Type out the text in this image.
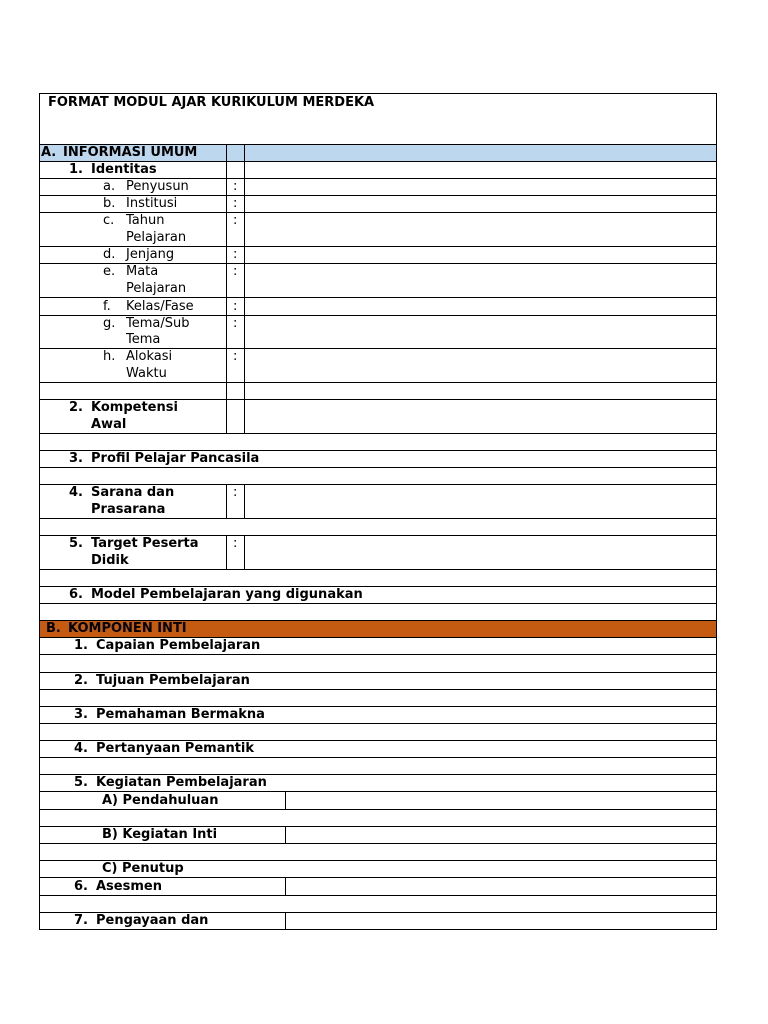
FORMAT MODUL AJAR KURIKULUM MERDEKA
A. INFORMASI UMUM
1. Identitas
:
a. Penyusun
:
b. Institusi
:
c. Tahun
Pelajaran
:
d. Jenjang
:
e. Mata
Pelajaran
:
f. Kelas/Fase
:
g. Tema/Sub
Tema
:
h. Alokasi
Waktu
2. Kompetensi
Awal
3. Profil Pelajar Pancasila
:
4. Sarana dan
Prasarana
:
5. Target Peserta
Didik
6. Model Pembelajaran yang digunakan
B. KOMPONEN INTI
1. Capaian Pembelajaran
2. Tujuan Pembelajaran
3. Pemahaman Bermakna
4. Pertanyaan Pemantik
5. Kegiatan Pembelajaran
A) Pendahuluan
B) Kegiatan Inti
C) Penutup
6. Asesmen
7. Pengayaan dan
